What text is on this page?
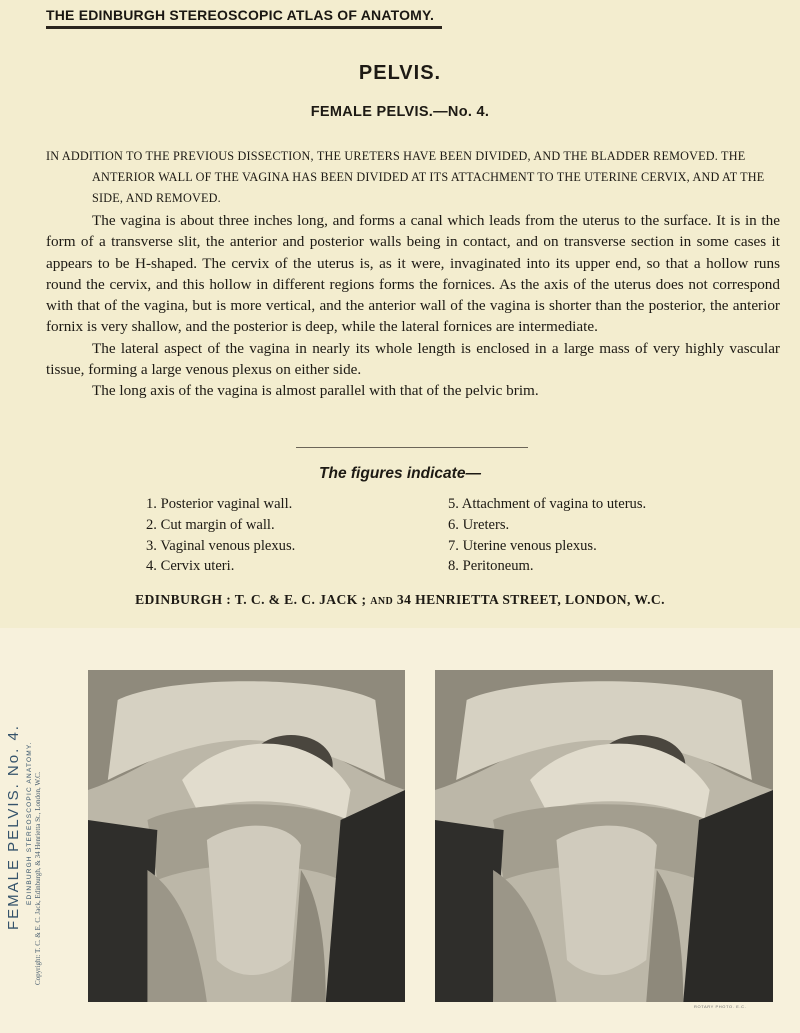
THE EDINBURGH STEREOSCOPIC ATLAS OF ANATOMY.
PELVIS.
FEMALE PELVIS.—No. 4.
IN ADDITION TO THE PREVIOUS DISSECTION, THE URETERS HAVE BEEN DIVIDED, AND THE BLADDER REMOVED. THE ANTERIOR WALL OF THE VAGINA HAS BEEN DIVIDED AT ITS ATTACHMENT TO THE UTERINE CERVIX, AND AT THE SIDE, AND REMOVED.

The vagina is about three inches long, and forms a canal which leads from the uterus to the surface. It is in the form of a transverse slit, the anterior and posterior walls being in contact, and on transverse section in some cases it appears to be H-shaped. The cervix of the uterus is, as it were, invaginated into its upper end, so that a hollow runs round the cervix, and this hollow in different regions forms the fornices. As the axis of the uterus does not correspond with that of the vagina, but is more vertical, and the anterior wall of the vagina is shorter than the posterior, the anterior fornix is very shallow, and the posterior is deep, while the lateral fornices are intermediate.

The lateral aspect of the vagina in nearly its whole length is enclosed in a large mass of very highly vascular tissue, forming a large venous plexus on either side.

The long axis of the vagina is almost parallel with that of the pelvic brim.

The figures indicate—
1. Posterior vaginal wall.
2. Cut margin of wall.
3. Vaginal venous plexus.
4. Cervix uteri.
5. Attachment of vagina to uterus.
6. Ureters.
7. Uterine venous plexus.
8. Peritoneum.
EDINBURGH : T. C. & E. C. JACK ; AND 34 HENRIETTA STREET, LONDON, W.C.
FEMALE PELVIS. No. 4. EDINBURGH STEREOSCOPIC ANATOMY. Copyright: T. C. & E. C. Jack, Edinburgh, & 34 Henrietta St., London, W.C.
ROTARY PHOTO. E.C.
